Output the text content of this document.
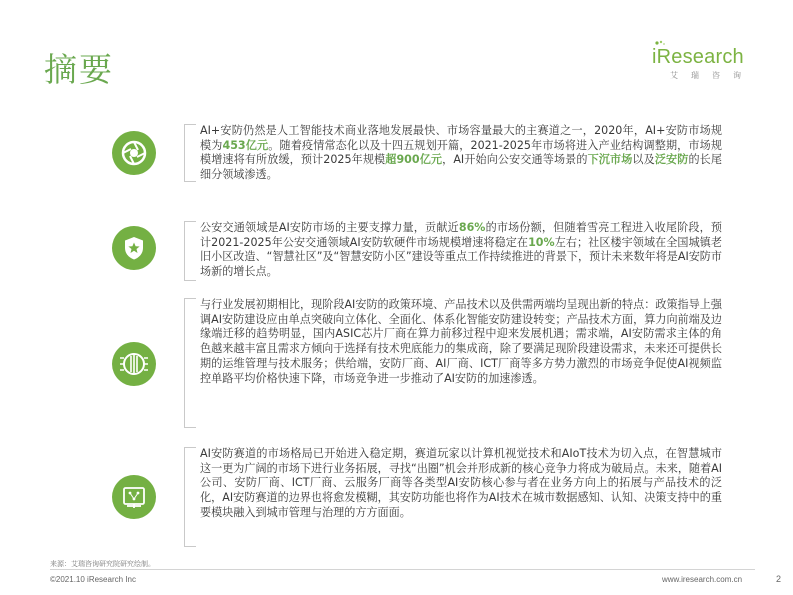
摘要	iResearch
艾瑞咨询
AI+安防仍然是人工智能技术商业落地发展最快、市场容量最大的主赛道之一，2020年，AI+安防市场规模为453亿元。随着疫情常态化以及十四五规划开篇，2021-2025年市场将进入产业结构调整期，市场规模增速将有所放缓，预计2025年规模超900亿元，AI开始向公安交通等场景的下沉市场以及泛安防的长尾细分领域渗透。
公安交通领域是AI安防市场的主要支撑力量，贡献近86%的市场份额，但随着雪亮工程进入收尾阶段，预计2021-2025年公安交通领域AI安防软硬件市场规模增速将稳定在10%左右；社区楼宇领域在全国城镇老旧小区改造、“智慧社区”及“智慧安防小区”建设等重点工作持续推进的背景下，预计未来数年将是AI安防市场新的增长点。
与行业发展初期相比，现阶段AI安防的政策环境、产品技术以及供需两端均呈现出新的特点：政策指导上强调AI安防建设应由单点突破向立体化、全面化、体系化智能安防建设转变；产品技术方面，算力向前端及边缘端迁移的趋势明显，国内ASIC芯片厂商在算力前移过程中迎来发展机遇；需求端，AI安防需求主体的角色越来越丰富且需求方倾向于选择有技术兜底能力的集成商，除了要满足现阶段建设需求，未来还可提供长期的运维管理与技术服务；供给端，安防厂商、AI厂商、ICT厂商等多方势力激烈的市场竞争促使AI视频监控单路平均价格快速下降，市场竞争进一步推动了AI安防的加速渗透。
AI安防赛道的市场格局已开始进入稳定期，赛道玩家以计算机视觉技术和AIoT技术为切入点，在智慧城市这一更为广阔的市场下进行业务拓展，寻找“出圈”机会并形成新的核心竞争力将成为破局点。未来，随着AI公司、安防厂商、ICT厂商、云服务厂商等各类型AI安防核心参与者在业务方向上的拓展与产品技术的泛化，AI安防赛道的边界也将愈发模糊，其安防功能也将作为AI技术在城市数据感知、认知、决策支持中的重要模块融入到城市管理与治理的方方面面。
来源：艾瑞咨询研究院研究绘制。
©2021.10 iResearch Inc	www.iresearch.com.cn	2
